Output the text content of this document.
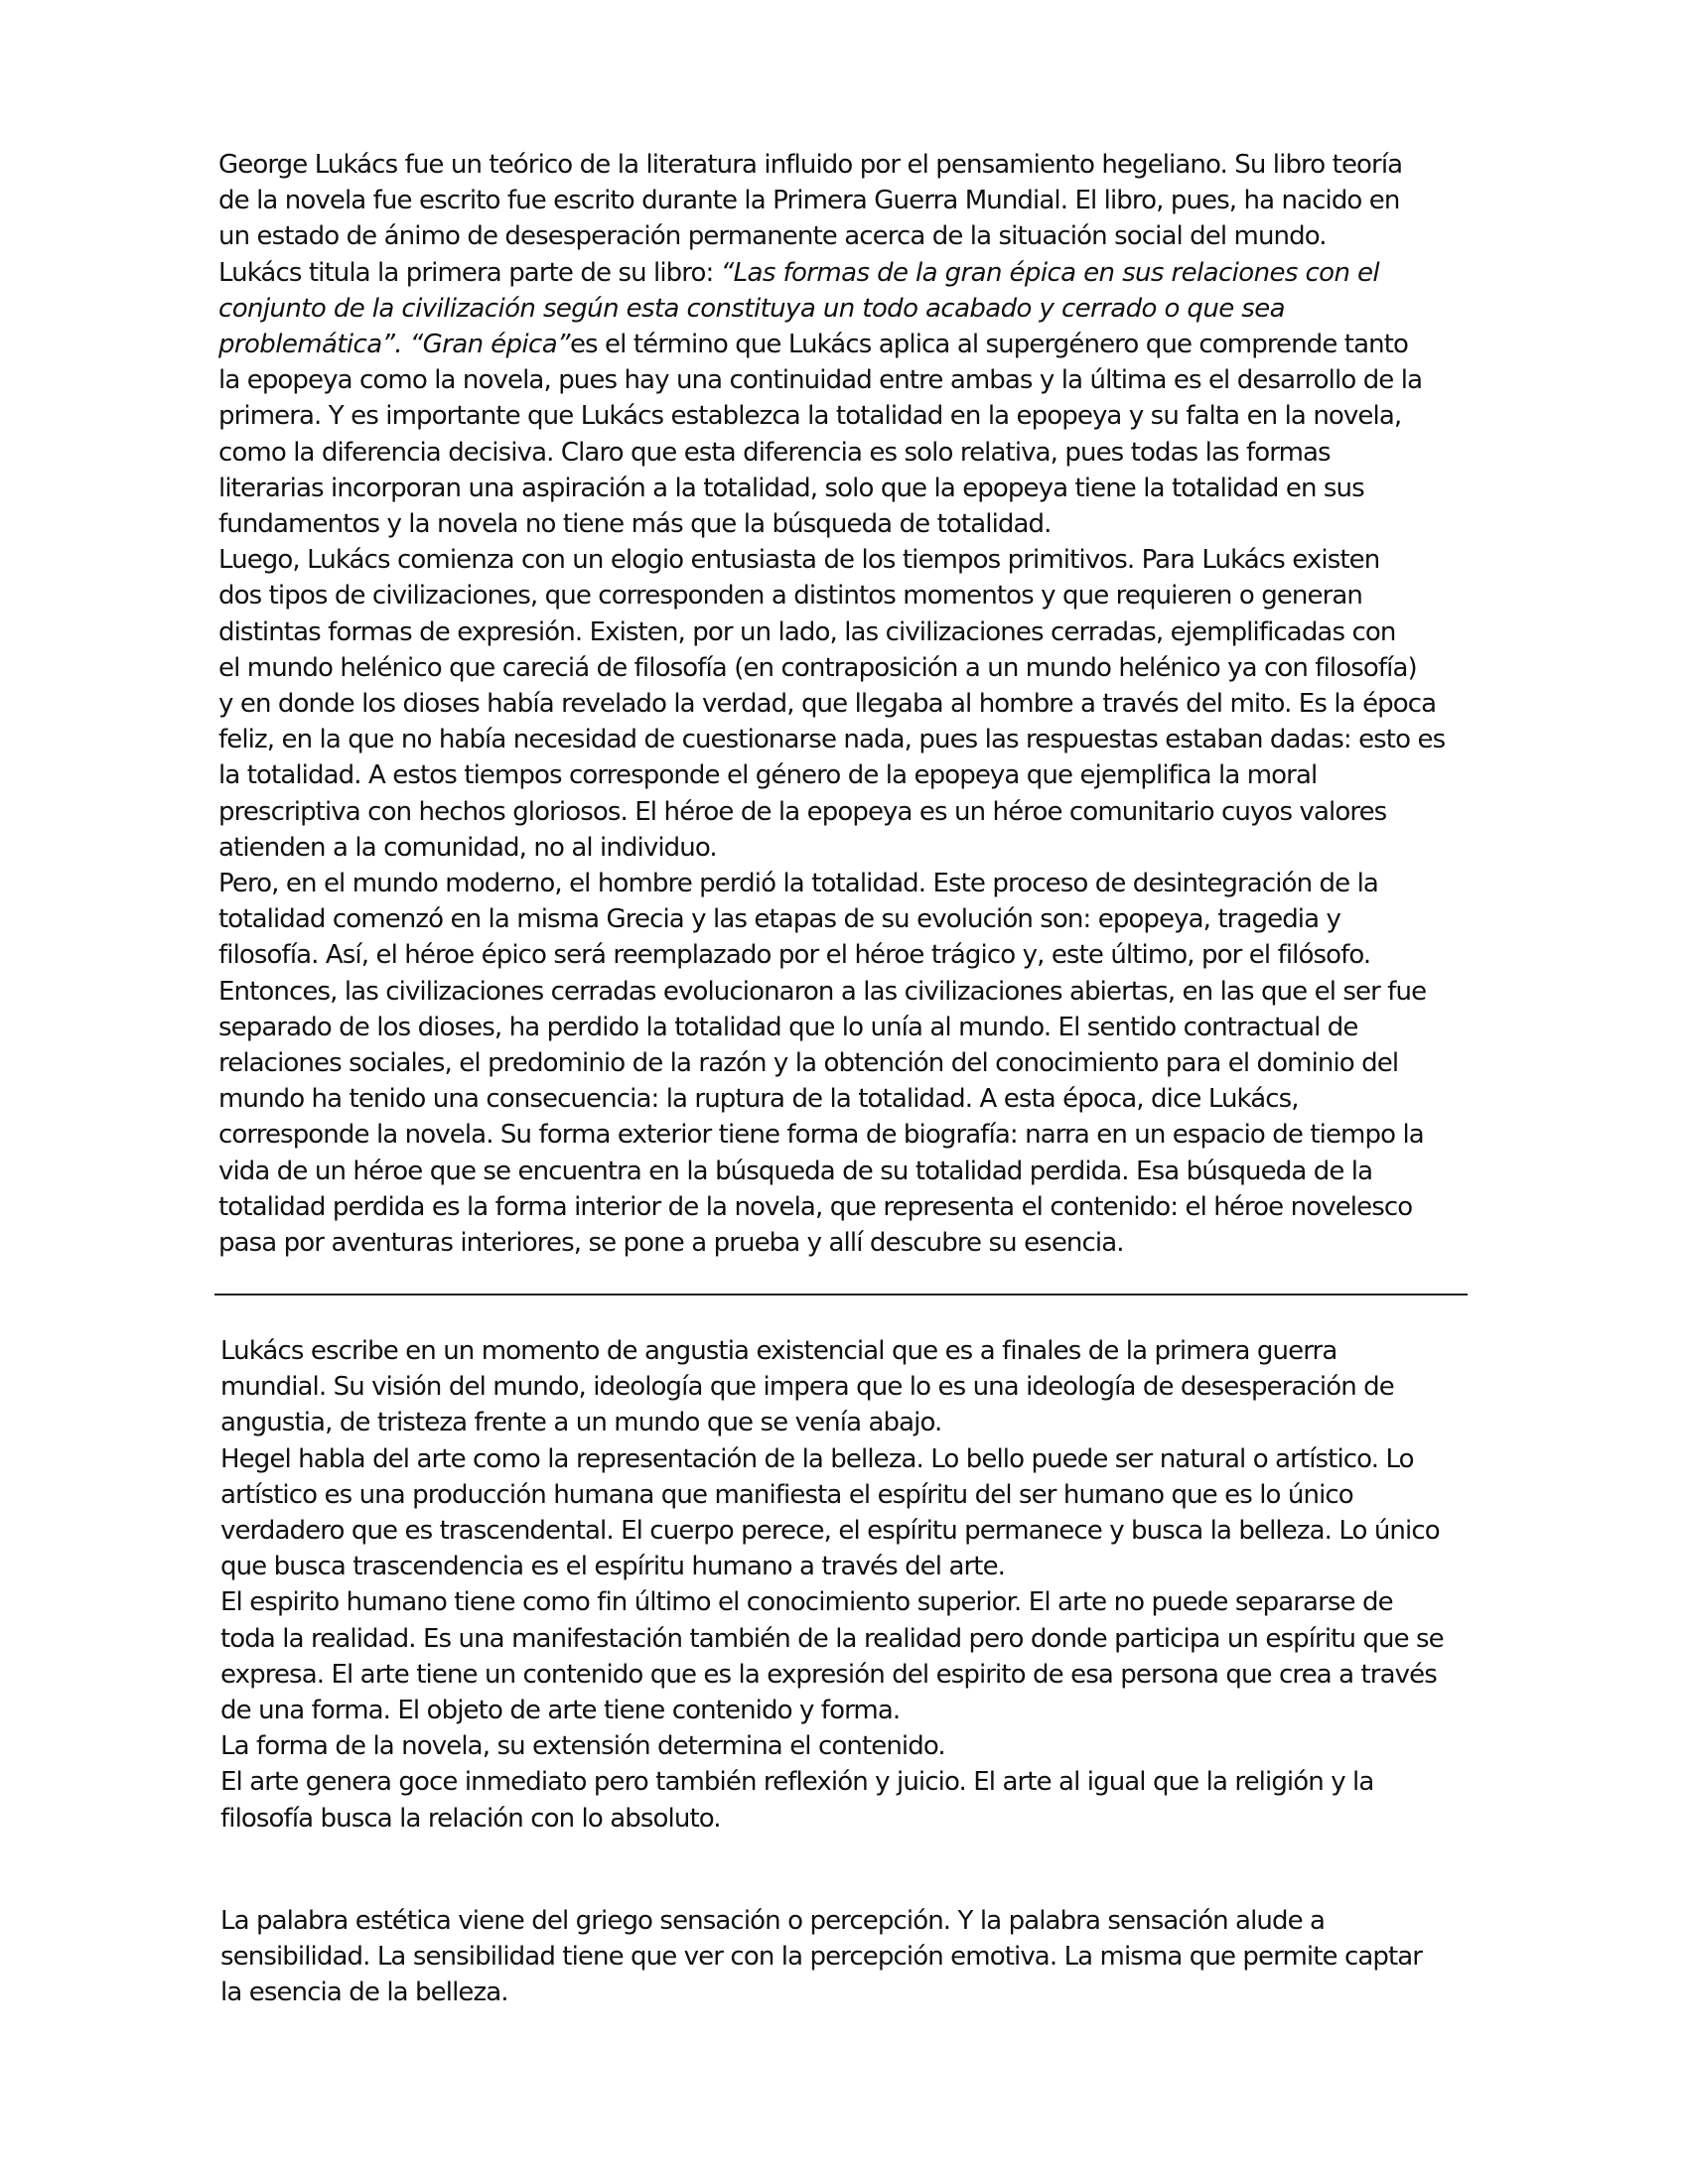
George Lukács fue un teórico de la literatura influido por el pensamiento hegeliano. Su libro teoría

de la novela fue escrito fue escrito durante la Primera Guerra Mundial. El libro, pues, ha nacido en

un estado de ánimo de desesperación permanente acerca de la situación social del mundo.

Lukács titula la primera parte de su libro: “Las formas de la gran épica en sus relaciones con el

conjunto de la civilización según esta constituya un todo acabado y cerrado o que sea

problemática”. “Gran épica”es el término que Lukács aplica al supergénero que comprende tanto

la epopeya como la novela, pues hay una continuidad entre ambas y la última es el desarrollo de la

primera. Y es importante que Lukács establezca la totalidad en la epopeya y su falta en la novela,

como la diferencia decisiva. Claro que esta diferencia es solo relativa, pues todas las formas

literarias incorporan una aspiración a la totalidad, solo que la epopeya tiene la totalidad en sus

fundamentos y la novela no tiene más que la búsqueda de totalidad.

Luego, Lukács comienza con un elogio entusiasta de los tiempos primitivos. Para Lukács existen

dos tipos de civilizaciones, que corresponden a distintos momentos y que requieren o generan

distintas formas de expresión. Existen, por un lado, las civilizaciones cerradas, ejemplificadas con

el mundo helénico que careciá de filosofía (en contraposición a un mundo helénico ya con filosofía)

y en donde los dioses había revelado la verdad, que llegaba al hombre a través del mito. Es la época

feliz, en la que no había necesidad de cuestionarse nada, pues las respuestas estaban dadas: esto es

la totalidad. A estos tiempos corresponde el género de la epopeya que ejemplifica la moral

prescriptiva con hechos gloriosos. El héroe de la epopeya es un héroe comunitario cuyos valores

atienden a la comunidad, no al individuo.

Pero, en el mundo moderno, el hombre perdió la totalidad. Este proceso de desintegración de la

totalidad comenzó en la misma Grecia y las etapas de su evolución son: epopeya, tragedia y

filosofía. Así, el héroe épico será reemplazado por el héroe trágico y, este último, por el filósofo.

Entonces, las civilizaciones cerradas evolucionaron a las civilizaciones abiertas, en las que el ser fue

separado de los dioses, ha perdido la totalidad que lo unía al mundo. El sentido contractual de

relaciones sociales, el predominio de la razón y la obtención del conocimiento para el dominio del

mundo ha tenido una consecuencia: la ruptura de la totalidad. A esta época, dice Lukács,

corresponde la novela. Su forma exterior tiene forma de biografía: narra en un espacio de tiempo la

vida de un héroe que se encuentra en la búsqueda de su totalidad perdida. Esa búsqueda de la

totalidad perdida es la forma interior de la novela, que representa el contenido: el héroe novelesco

pasa por aventuras interiores, se pone a prueba y allí descubre su esencia.

Lukács escribe en un momento de angustia existencial que es a finales de la primera guerra

mundial. Su visión del mundo, ideología que impera que lo es una ideología de desesperación de

angustia, de tristeza frente a un mundo que se venía abajo.

Hegel habla del arte como la representación de la belleza. Lo bello puede ser natural o artístico. Lo

artístico es una producción humana que manifiesta el espíritu del ser humano que es lo único

verdadero que es trascendental. El cuerpo perece, el espíritu permanece y busca la belleza. Lo único

que busca trascendencia es el espíritu humano a través del arte.

El espirito humano tiene como fin último el conocimiento superior. El arte no puede separarse de

toda la realidad. Es una manifestación también de la realidad pero donde participa un espíritu que se

expresa. El arte tiene un contenido que es la expresión del espirito de esa persona que crea a través

de una forma. El objeto de arte tiene contenido y forma.

La forma de la novela, su extensión determina el contenido.

El arte genera goce inmediato pero también reflexión y juicio. El arte al igual que la religión y la

filosofía busca la relación con lo absoluto.

La palabra estética viene del griego sensación o percepción. Y la palabra sensación alude a

sensibilidad. La sensibilidad tiene que ver con la percepción emotiva. La misma que permite captar

la esencia de la belleza.
